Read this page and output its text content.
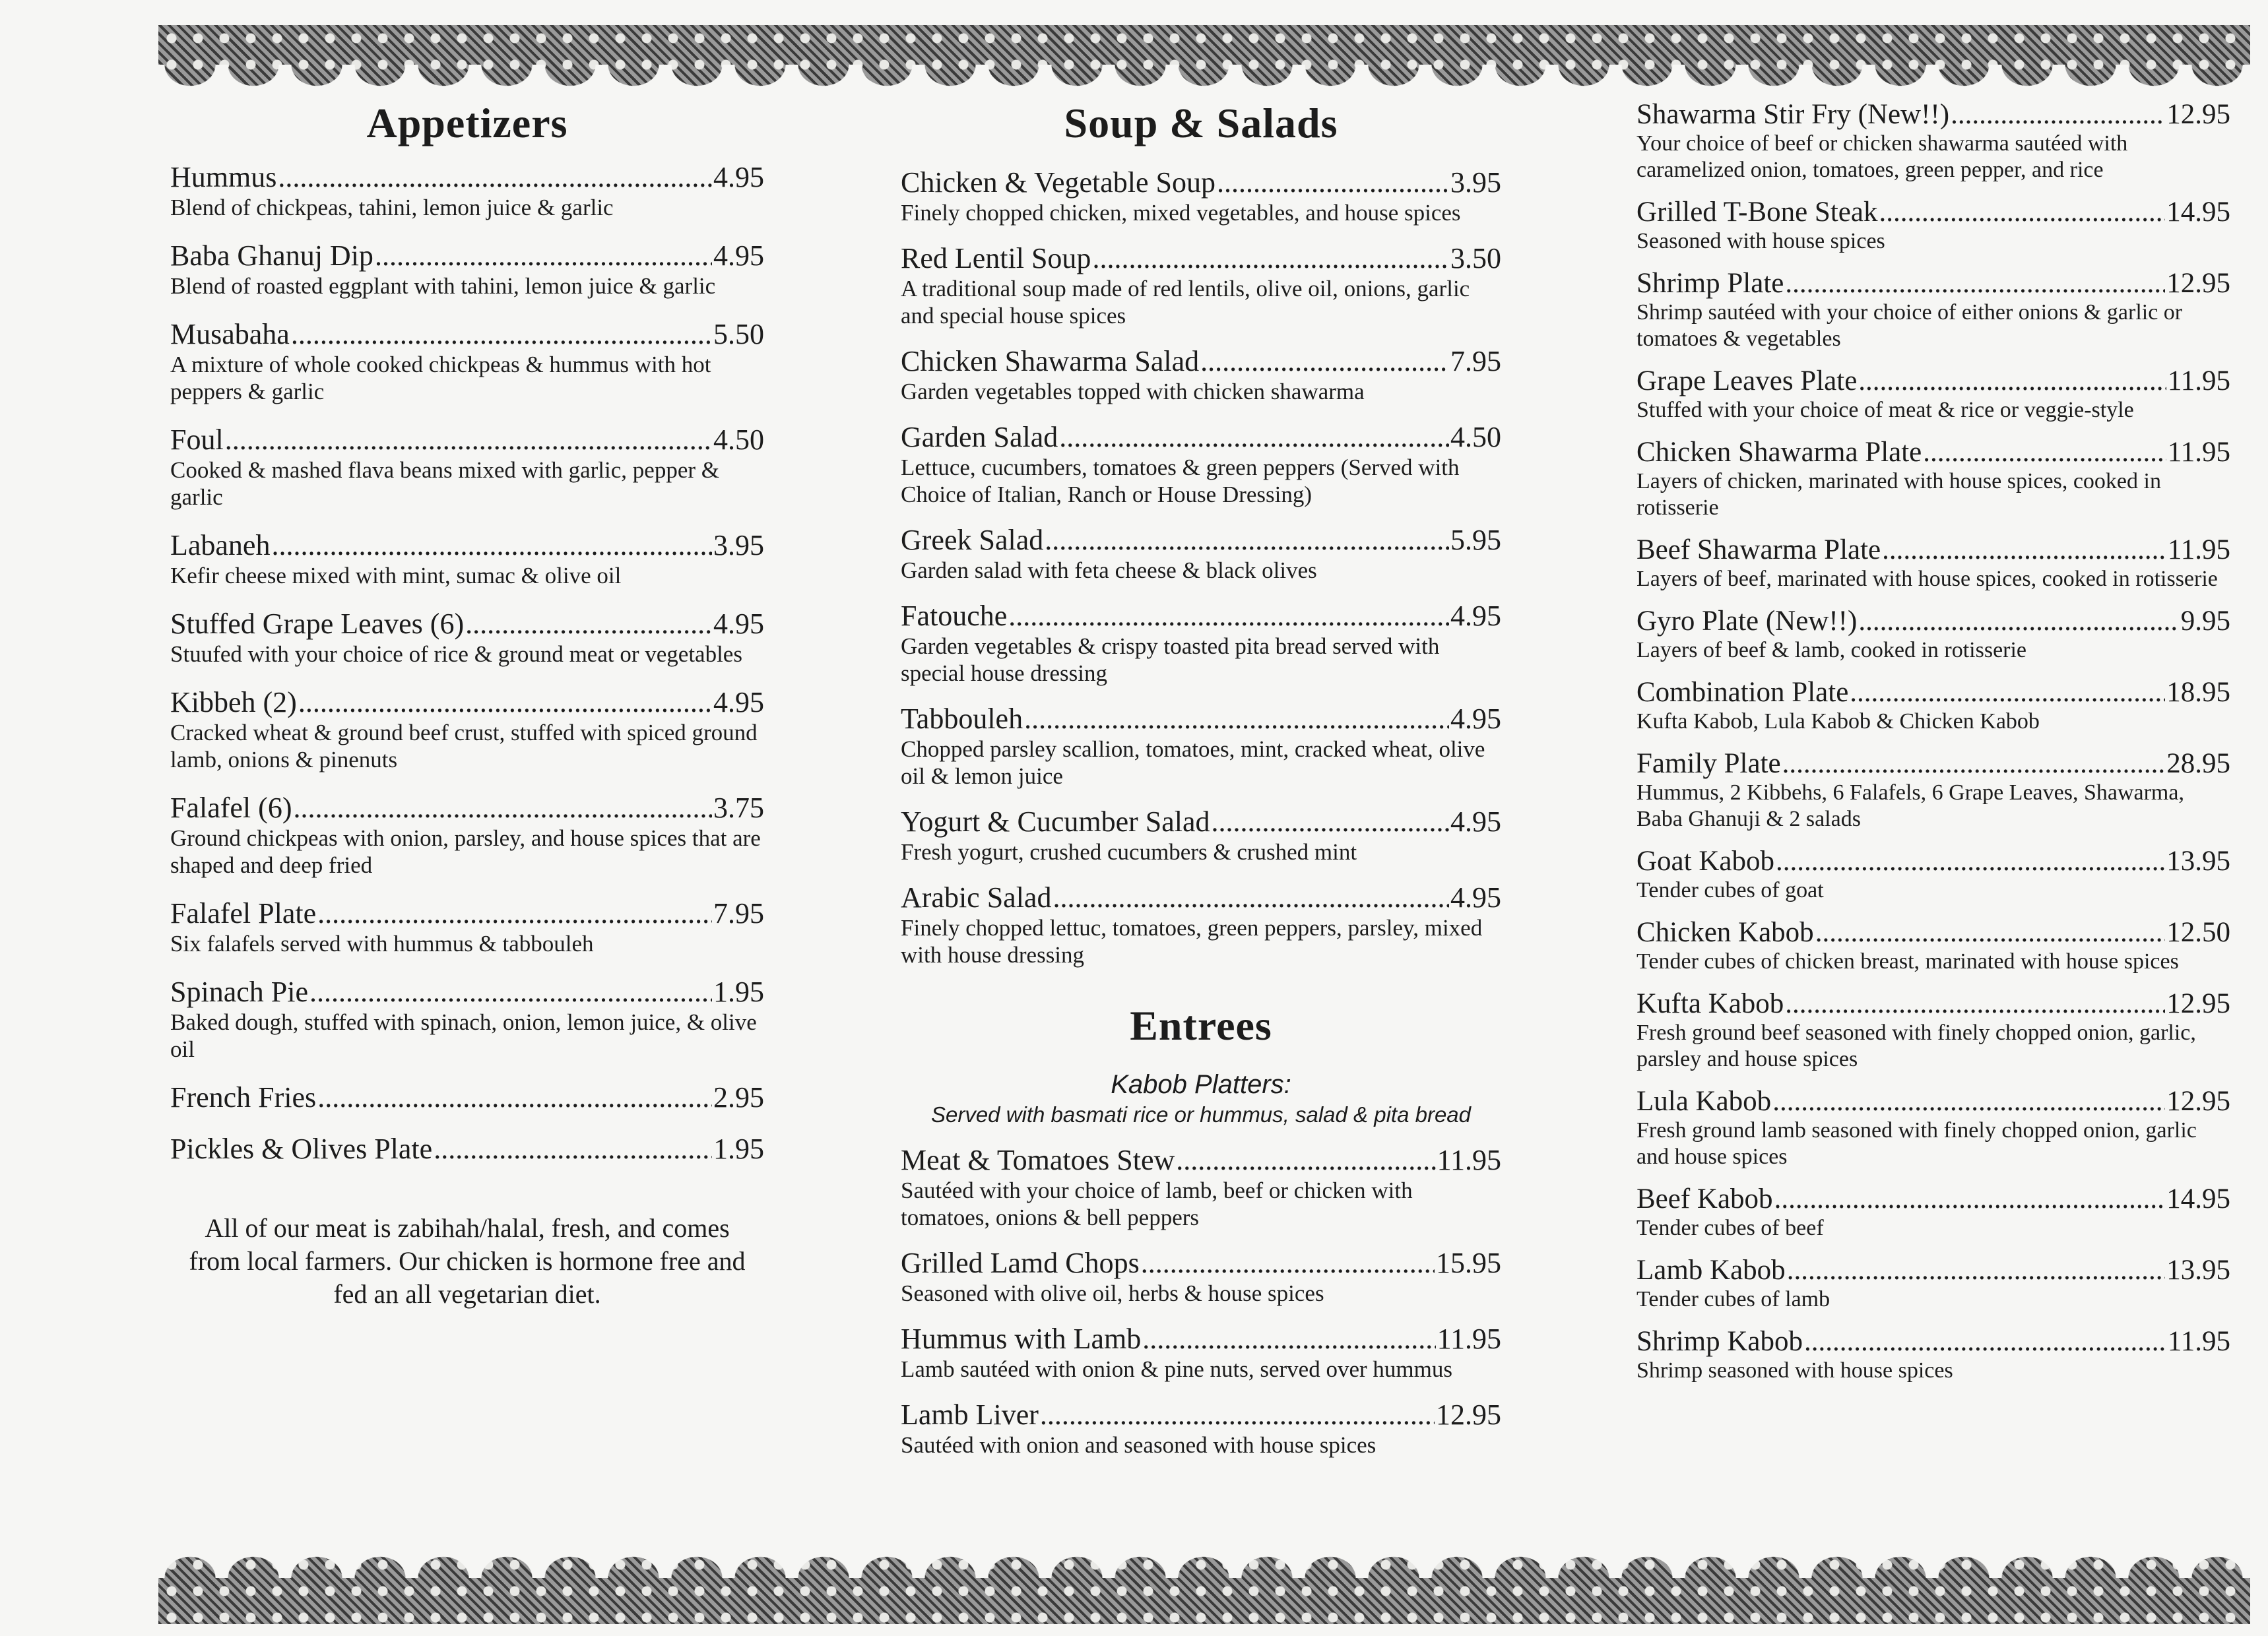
Appetizers
Hummus .....	4.95
Blend of chickpeas, tahini, lemon juice & garlic
Baba Ghanuj Dip .....	4.95
Blend of roasted eggplant with tahini, lemon juice & garlic
Musabaha .....	5.50
A mixture of whole cooked chickpeas & hummus with hot peppers & garlic
Foul .....	4.50
Cooked & mashed flava beans mixed with garlic, pepper & garlic
Labaneh .....	3.95
Kefir cheese mixed with mint, sumac & olive oil
Stuffed Grape Leaves (6) .....	4.95
Stuufed with your choice of rice & ground meat or vegetables
Kibbeh (2) .....	4.95
Cracked wheat & ground beef crust, stuffed with spiced ground lamb, onions & pinenuts
Falafel (6) .....	3.75
Ground chickpeas with onion, parsley, and house spices that are shaped and deep fried
Falafel Plate .....	7.95
Six falafels served with hummus & tabbouleh
Spinach Pie .....	1.95
Baked dough, stuffed with spinach, onion, lemon juice, & olive oil
French Fries .....	2.95
Pickles & Olives Plate .....	1.95

All of our meat is zabihah/halal, fresh, and comes from local farmers. Our chicken is hormone free and fed an all vegetarian diet.

Soup & Salads
Chicken & Vegetable Soup .....	3.95
Finely chopped chicken, mixed vegetables, and house spices
Red Lentil Soup .....	3.50
A traditional soup made of red lentils, olive oil, onions, garlic and special house spices
Chicken Shawarma Salad .....	7.95
Garden vegetables topped with chicken shawarma
Garden Salad .....	4.50
Lettuce, cucumbers, tomatoes & green peppers (Served with Choice of Italian, Ranch or House Dressing)
Greek Salad .....	5.95
Garden salad with feta cheese & black olives
Fatouche .....	4.95
Garden vegetables & crispy toasted pita bread served with special house dressing
Tabbouleh .....	4.95
Chopped parsley scallion, tomatoes, mint, cracked wheat, olive oil & lemon juice
Yogurt & Cucumber Salad .....	4.95
Fresh yogurt, crushed cucumbers & crushed mint
Arabic Salad .....	4.95
Finely chopped lettuc, tomatoes, green peppers, parsley, mixed with house dressing
Entrees
Kabob Platters:
Served with basmati rice or hummus, salad & pita bread
Meat & Tomatoes Stew .....	11.95
Sautéed with your choice of lamb, beef or chicken with tomatoes, onions & bell peppers
Grilled Lamd Chops .....	15.95
Seasoned with olive oil, herbs & house spices
Hummus with Lamb .....	11.95
Lamb sautéed with onion & pine nuts, served over hummus
Lamb Liver .....	12.95
Sautéed with onion and seasoned with house spices
Shawarma Stir Fry (New!!) .....	12.95
Your choice of beef or chicken shawarma sautéed with caramelized onion, tomatoes, green pepper, and rice
Grilled T-Bone Steak .....	14.95
Seasoned with house spices
Shrimp Plate .....	12.95
Shrimp sautéed with your choice of either onions & garlic or tomatoes & vegetables
Grape Leaves Plate .....	11.95
Stuffed with your choice of meat & rice or veggie-style
Chicken Shawarma Plate .....	11.95
Layers of chicken, marinated with house spices, cooked in rotisserie
Beef Shawarma Plate .....	11.95
Layers of beef, marinated with house spices, cooked in rotisserie
Gyro Plate (New!!) .....	9.95
Layers of beef & lamb, cooked in rotisserie
Combination Plate .....	18.95
Kufta Kabob, Lula Kabob & Chicken Kabob
Family Plate .....	28.95
Hummus, 2 Kibbehs, 6 Falafels, 6 Grape Leaves, Shawarma, Baba Ghanuji & 2 salads
Goat Kabob .....	13.95
Tender cubes of goat
Chicken Kabob .....	12.50
Tender cubes of chicken breast, marinated with house spices
Kufta Kabob .....	12.95
Fresh ground beef seasoned with finely chopped onion, garlic, parsley and house spices
Lula Kabob .....	12.95
Fresh ground lamb seasoned with finely chopped onion, garlic and house spices
Beef Kabob .....	14.95
Tender cubes of beef
Lamb Kabob .....	13.95
Tender cubes of lamb
Shrimp Kabob .....	11.95
Shrimp seasoned with house spices
